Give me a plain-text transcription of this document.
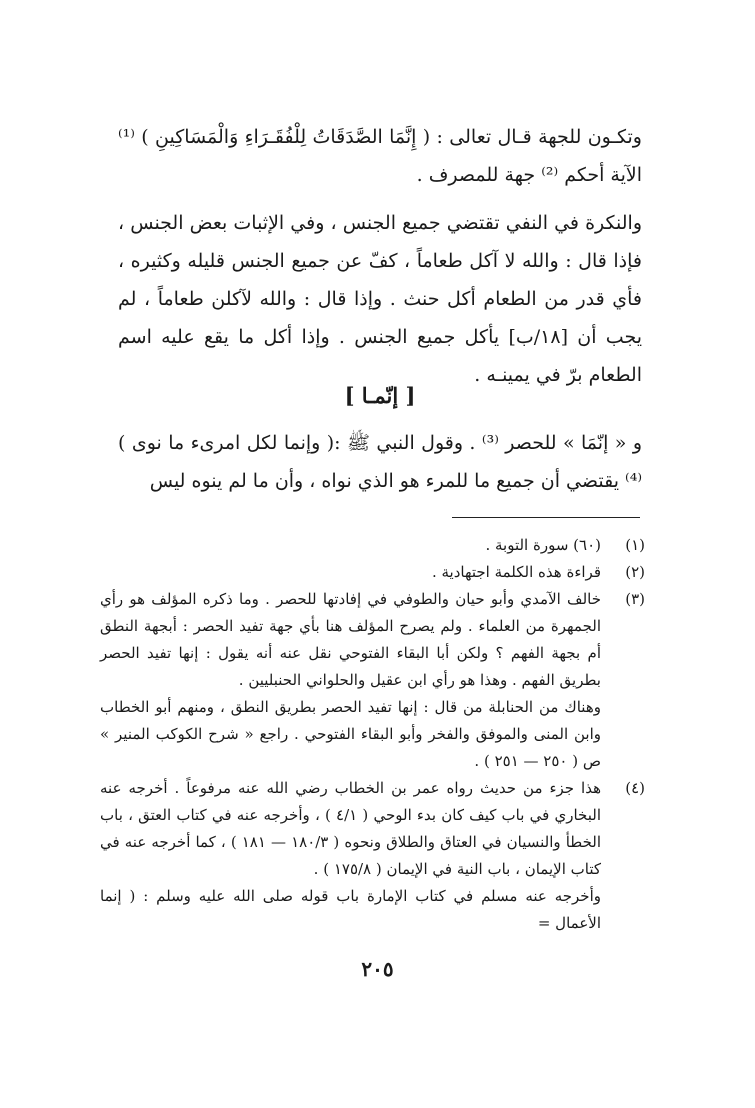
وتكـون للجهة قـال تعالى : ( إِنَّمَا الصَّدَقَاتُ لِلْفُقَـرَاءِ وَالْمَسَاكِينِ ) ⁽¹⁾ الآية أحكم ⁽²⁾ جهة للمصرف .

والنكرة في النفي تقتضي جميع الجنس ، وفي الإثبات بعض الجنس ، فإذا قال : والله لا آكل طعاماً ، كفّ عن جميع الجنس قليله وكثيره ، فأي قدر من الطعام أكل حنث . وإذا قال : والله لآكلن طعاماً ، لم يجب أن [١٨/ب] يأكل جميع الجنس . وإذا أكل ما يقع عليه اسم الطعام برّ في يمينـه .

[ إنّمـا ]

و « إنّمَا » للحصر ⁽³⁾ . وقول النبي ﷺ :( وإنما لكل امرىء ما نوى ) ⁽⁴⁾ يقتضي أن جميع ما للمرء هو الذي نواه ، وأن ما لم ينوه ليس

(١)

(٦٠) سورة التوبة .

(٢)

قراءة هذه الكلمة اجتهادية .

(٣)

خالف الآمدي وأبو حيان والطوفي في إفادتها للحصر . وما ذكره المؤلف هو رأي الجمهرة من العلماء . ولم يصرح المؤلف هنا بأي جهة تفيد الحصر : أبجهة النطق أم بجهة الفهم ؟ ولكن أبا البقاء الفتوحي نقل عنه أنه يقول : إنها تفيد الحصر بطريق الفهم . وهذا هو رأي ابن عقيل والحلواني الحنبليين .

وهناك من الحنابلة من قال : إنها تفيد الحصر بطريق النطق ، ومنهم أبو الخطاب وابن المنى والموفق والفخر وأبو البقاء الفتوحي . راجع « شرح الكوكب المنير » ص ( ٢٥٠ — ٢٥١ ) .

(٤)

هذا جزء من حديث رواه عمر بن الخطاب رضي الله عنه مرفوعاً . أخرجه عنه البخاري في باب كيف كان بدء الوحي ( ٤/١ ) ، وأخرجه عنه في كتاب العتق ، باب الخطأ والنسيان في العتاق والطلاق ونحوه ( ١٨٠/٣ — ١٨١ ) ، كما أخرجه عنه في كتاب الإيمان ، باب النية في الإيمان ( ١٧٥/٨ ) .

وأخرجه عنه مسلم في كتاب الإمارة باب قوله صلى الله عليه وسلم : ( إنما الأعمال =

٢٠٥
